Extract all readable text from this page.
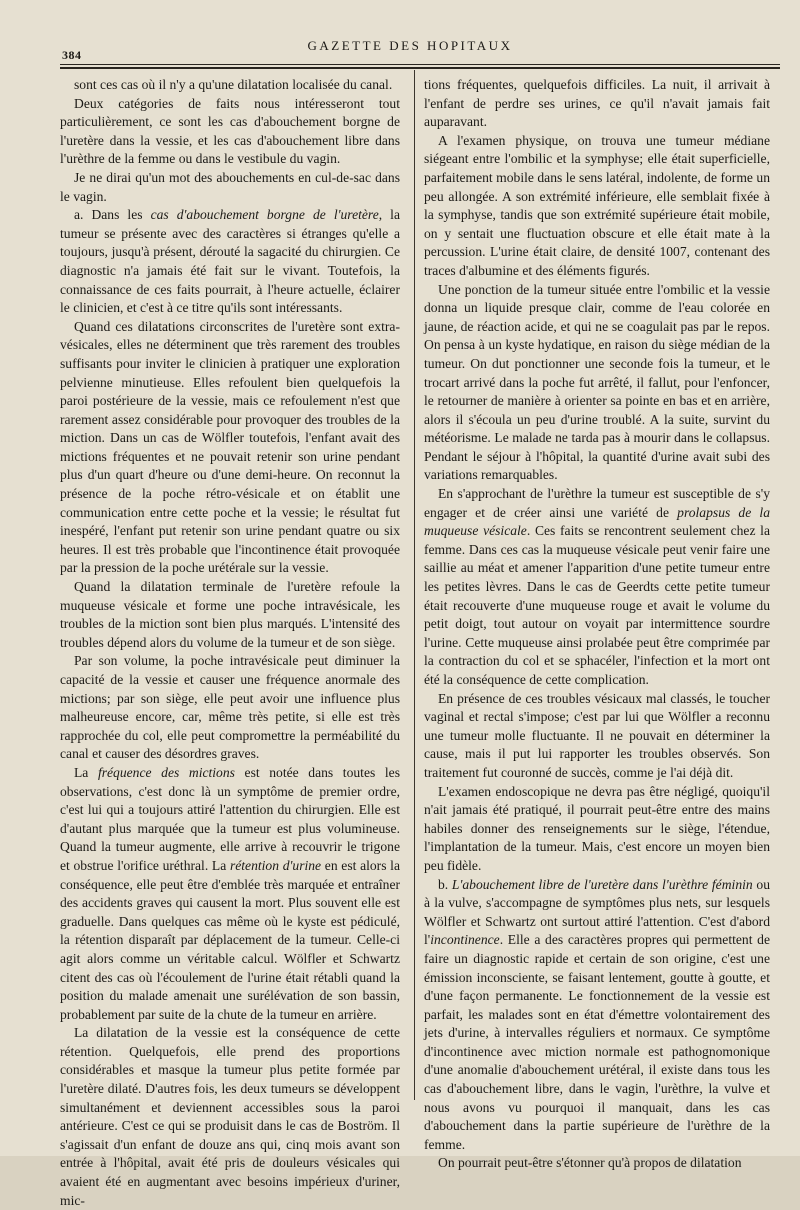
384
GAZETTE DES HOPITAUX

sont ces cas où il n'y a qu'une dilatation localisée du canal.

Deux catégories de faits nous intéresseront tout particulièrement, ce sont les cas d'abouchement borgne de l'uretère dans la vessie, et les cas d'abouchement libre dans l'urèthre de la femme ou dans le vestibule du vagin.

Je ne dirai qu'un mot des abouchements en cul-de-sac dans le vagin.

a. Dans les cas d'abouchement borgne de l'uretère, la tumeur se présente avec des caractères si étranges qu'elle a toujours, jusqu'à présent, dérouté la sagacité du chirurgien. Ce diagnostic n'a jamais été fait sur le vivant. Toutefois, la connaissance de ces faits pourrait, à l'heure actuelle, éclairer le clinicien, et c'est à ce titre qu'ils sont intéressants.

Quand ces dilatations circonscrites de l'uretère sont extra-vésicales, elles ne déterminent que très rarement des troubles suffisants pour inviter le clinicien à pratiquer une exploration pelvienne minutieuse. Elles refoulent bien quelquefois la paroi postérieure de la vessie, mais ce refoulement n'est que rarement assez considérable pour provoquer des troubles de la miction. Dans un cas de Wölfler toutefois, l'enfant avait des mictions fréquentes et ne pouvait retenir son urine pendant plus d'un quart d'heure ou d'une demi-heure. On reconnut la présence de la poche rétro-vésicale et on établit une communication entre cette poche et la vessie; le résultat fut inespéré, l'enfant put retenir son urine pendant quatre ou six heures. Il est très probable que l'incontinence était provoquée par la pression de la poche urétérale sur la vessie.

Quand la dilatation terminale de l'uretère refoule la muqueuse vésicale et forme une poche intravésicale, les troubles de la miction sont bien plus marqués. L'intensité des troubles dépend alors du volume de la tumeur et de son siège.

Par son volume, la poche intravésicale peut diminuer la capacité de la vessie et causer une fréquence anormale des mictions; par son siège, elle peut avoir une influence plus malheureuse encore, car, même très petite, si elle est très rapprochée du col, elle peut compromettre la perméabilité du canal et causer des désordres graves.

La fréquence des mictions est notée dans toutes les observations, c'est donc là un symptôme de premier ordre, c'est lui qui a toujours attiré l'attention du chirurgien. Elle est d'autant plus marquée que la tumeur est plus volumineuse. Quand la tumeur augmente, elle arrive à recouvrir le trigone et obstrue l'orifice uréthral. La rétention d'urine en est alors la conséquence, elle peut être d'emblée très marquée et entraîner des accidents graves qui causent la mort. Plus souvent elle est graduelle. Dans quelques cas même où le kyste est pédiculé, la rétention disparaît par déplacement de la tumeur. Celle-ci agit alors comme un véritable calcul. Wölfler et Schwartz citent des cas où l'écoulement de l'urine était rétabli quand la position du malade amenait une surélévation de son bassin, probablement par suite de la chute de la tumeur en arrière.

La dilatation de la vessie est la conséquence de cette rétention. Quelquefois, elle prend des proportions considérables et masque la tumeur plus petite formée par l'uretère dilaté. D'autres fois, les deux tumeurs se développent simultanément et deviennent accessibles sous la paroi antérieure. C'est ce qui se produisit dans le cas de Boström. Il s'agissait d'un enfant de douze ans qui, cinq mois avant son entrée à l'hôpital, avait été pris de douleurs vésicales qui avaient été en augmentant avec besoins impérieux d'uriner, mic-

tions fréquentes, quelquefois difficiles. La nuit, il arrivait à l'enfant de perdre ses urines, ce qu'il n'avait jamais fait auparavant.

A l'examen physique, on trouva une tumeur médiane siégeant entre l'ombilic et la symphyse; elle était superficielle, parfaitement mobile dans le sens latéral, indolente, de forme un peu allongée. A son extrémité inférieure, elle semblait fixée à la symphyse, tandis que son extrémité supérieure était mobile, on y sentait une fluctuation obscure et elle était mate à la percussion. L'urine était claire, de densité 1007, contenant des traces d'albumine et des éléments figurés.

Une ponction de la tumeur située entre l'ombilic et la vessie donna un liquide presque clair, comme de l'eau colorée en jaune, de réaction acide, et qui ne se coagulait pas par le repos. On pensa à un kyste hydatique, en raison du siège médian de la tumeur. On dut ponctionner une seconde fois la tumeur, et le trocart arrivé dans la poche fut arrêté, il fallut, pour l'enfoncer, le retourner de manière à orienter sa pointe en bas et en arrière, alors il s'écoula un peu d'urine troublé. A la suite, survint du météorisme. Le malade ne tarda pas à mourir dans le collapsus. Pendant le séjour à l'hôpital, la quantité d'urine avait subi des variations remarquables.

En s'approchant de l'urèthre la tumeur est susceptible de s'y engager et de créer ainsi une variété de prolapsus de la muqueuse vésicale. Ces faits se rencontrent seulement chez la femme. Dans ces cas la muqueuse vésicale peut venir faire une saillie au méat et amener l'apparition d'une petite tumeur entre les petites lèvres. Dans le cas de Geerdts cette petite tumeur était recouverte d'une muqueuse rouge et avait le volume du petit doigt, tout autour on voyait par intermittence sourdre l'urine. Cette muqueuse ainsi prolabée peut être comprimée par la contraction du col et se sphacéler, l'infection et la mort ont été la conséquence de cette complication.

En présence de ces troubles vésicaux mal classés, le toucher vaginal et rectal s'impose; c'est par lui que Wölfler a reconnu une tumeur molle fluctuante. Il ne pouvait en déterminer la cause, mais il put lui rapporter les troubles observés. Son traitement fut couronné de succès, comme je l'ai déjà dit.

L'examen endoscopique ne devra pas être négligé, quoiqu'il n'ait jamais été pratiqué, il pourrait peut-être entre des mains habiles donner des renseignements sur le siège, l'étendue, l'implantation de la tumeur. Mais, c'est encore un moyen bien peu fidèle.

b. L'abouchement libre de l'uretère dans l'urèthre féminin ou à la vulve, s'accompagne de symptômes plus nets, sur lesquels Wölfler et Schwartz ont surtout attiré l'attention. C'est d'abord l'incontinence. Elle a des caractères propres qui permettent de faire un diagnostic rapide et certain de son origine, c'est une émission inconsciente, se faisant lentement, goutte à goutte, et d'une façon permanente. Le fonctionnement de la vessie est parfait, les malades sont en état d'émettre volontairement des jets d'urine, à intervalles réguliers et normaux. Ce symptôme d'incontinence avec miction normale est pathognomonique d'une anomalie d'abouchement urétéral, il existe dans tous les cas d'abouchement libre, dans le vagin, l'urèthre, la vulve et nous avons vu pourquoi il manquait, dans les cas d'abouchement dans la partie supérieure de l'urèthre de la femme.

On pourrait peut-être s'étonner qu'à propos de dilatation
